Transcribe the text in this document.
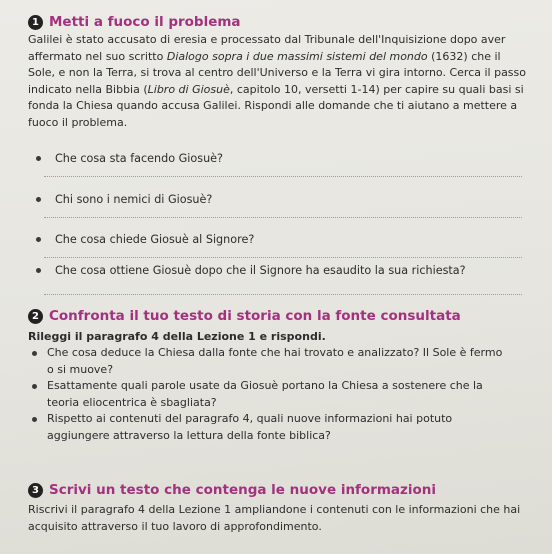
1 Metti a fuoco il problema
Galilei è stato accusato di eresia e processato dal Tribunale dell'Inquisizione dopo aver affermato nel suo scritto Dialogo sopra i due massimi sistemi del mondo (1632) che il Sole, e non la Terra, si trova al centro dell'Universo e la Terra vi gira intorno. Cerca il passo indicato nella Bibbia (Libro di Giosuè, capitolo 10, versetti 1-14) per capire su quali basi si fonda la Chiesa quando accusa Galilei. Rispondi alle domande che ti aiutano a mettere a fuoco il problema.
Che cosa sta facendo Giosuè?
Chi sono i nemici di Giosuè?
Che cosa chiede Giosuè al Signore?
Che cosa ottiene Giosuè dopo che il Signore ha esaudito la sua richiesta?
2 Confronta il tuo testo di storia con la fonte consultata
Rileggi il paragrafo 4 della Lezione 1 e rispondi.
Che cosa deduce la Chiesa dalla fonte che hai trovato e analizzato? Il Sole è fermo o si muove?
Esattamente quali parole usate da Giosuè portano la Chiesa a sostenere che la teoria eliocentrica è sbagliata?
Rispetto ai contenuti del paragrafo 4, quali nuove informazioni hai potuto aggiungere attraverso la lettura della fonte biblica?
3 Scrivi un testo che contenga le nuove informazioni
Riscrivi il paragrafo 4 della Lezione 1 ampliandone i contenuti con le informazioni che hai acquisito attraverso il tuo lavoro di approfondimento.
